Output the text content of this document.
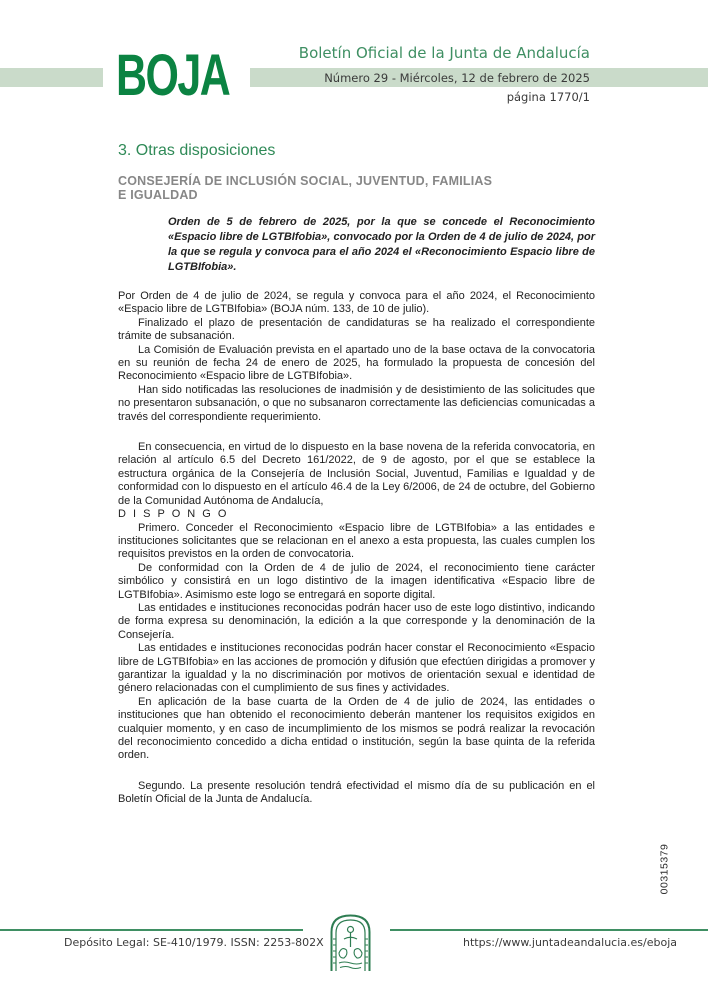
BOJA	Boletín Oficial de la Junta de Andalucía
Número 29 - Miércoles, 12 de febrero de 2025
página 1770/1
3. Otras disposiciones
CONSEJERÍA DE INCLUSIÓN SOCIAL, JUVENTUD, FAMILIAS
E IGUALDAD
Orden de 5 de febrero de 2025, por la que se concede el Reconocimiento «Espacio libre de LGTBIfobia», convocado por la Orden de 4 de julio de 2024, por la que se regula y convoca para el año 2024 el «Reconocimiento Espacio libre de LGTBIfobia».

Por Orden de 4 de julio de 2024, se regula y convoca para el año 2024, el Reconocimiento «Espacio libre de LGTBIfobia» (BOJA núm. 133, de 10 de julio).

Finalizado el plazo de presentación de candidaturas se ha realizado el correspondiente trámite de subsanación.

La Comisión de Evaluación prevista en el apartado uno de la base octava de la convocatoria en su reunión de fecha 24 de enero de 2025, ha formulado la propuesta de concesión del Reconocimiento «Espacio libre de LGTBIfobia».

Han sido notificadas las resoluciones de inadmisión y de desistimiento de las solicitudes que no presentaron subsanación, o que no subsanaron correctamente las deficiencias comunicadas a través del correspondiente requerimiento.

En consecuencia, en virtud de lo dispuesto en la base novena de la referida convocatoria, en relación al artículo 6.5 del Decreto 161/2022, de 9 de agosto, por el que se establece la estructura orgánica de la Consejería de Inclusión Social, Juventud, Familias e Igualdad y de conformidad con lo dispuesto en el artículo 46.4 de la Ley 6/2006, de 24 de octubre, del Gobierno de la Comunidad Autónoma de Andalucía,

D I S P O N G O

Primero. Conceder el Reconocimiento «Espacio libre de LGTBIfobia» a las entidades e instituciones solicitantes que se relacionan en el anexo a esta propuesta, las cuales cumplen los requisitos previstos en la orden de convocatoria.

De conformidad con la Orden de 4 de julio de 2024, el reconocimiento tiene carácter simbólico y consistirá en un logo distintivo de la imagen identificativa «Espacio libre de LGTBIfobia». Asimismo este logo se entregará en soporte digital.

Las entidades e instituciones reconocidas podrán hacer uso de este logo distintivo, indicando de forma expresa su denominación, la edición a la que corresponde y la denominación de la Consejería.

Las entidades e instituciones reconocidas podrán hacer constar el Reconocimiento «Espacio libre de LGTBIfobia» en las acciones de promoción y difusión que efectúen dirigidas a promover y garantizar la igualdad y la no discriminación por motivos de orientación sexual e identidad de género relacionadas con el cumplimiento de sus fines y actividades.

En aplicación de la base cuarta de la Orden de 4 de julio de 2024, las entidades o instituciones que han obtenido el reconocimiento deberán mantener los requisitos exigidos en cualquier momento, y en caso de incumplimiento de los mismos se podrá realizar la revocación del reconocimiento concedido a dicha entidad o institución, según la base quinta de la referida orden.

Segundo. La presente resolución tendrá efectividad el mismo día de su publicación en el Boletín Oficial de la Junta de Andalucía.

00315379
Depósito Legal: SE-410/1979. ISSN: 2253-802X	https://www.juntadeandalucia.es/eboja
